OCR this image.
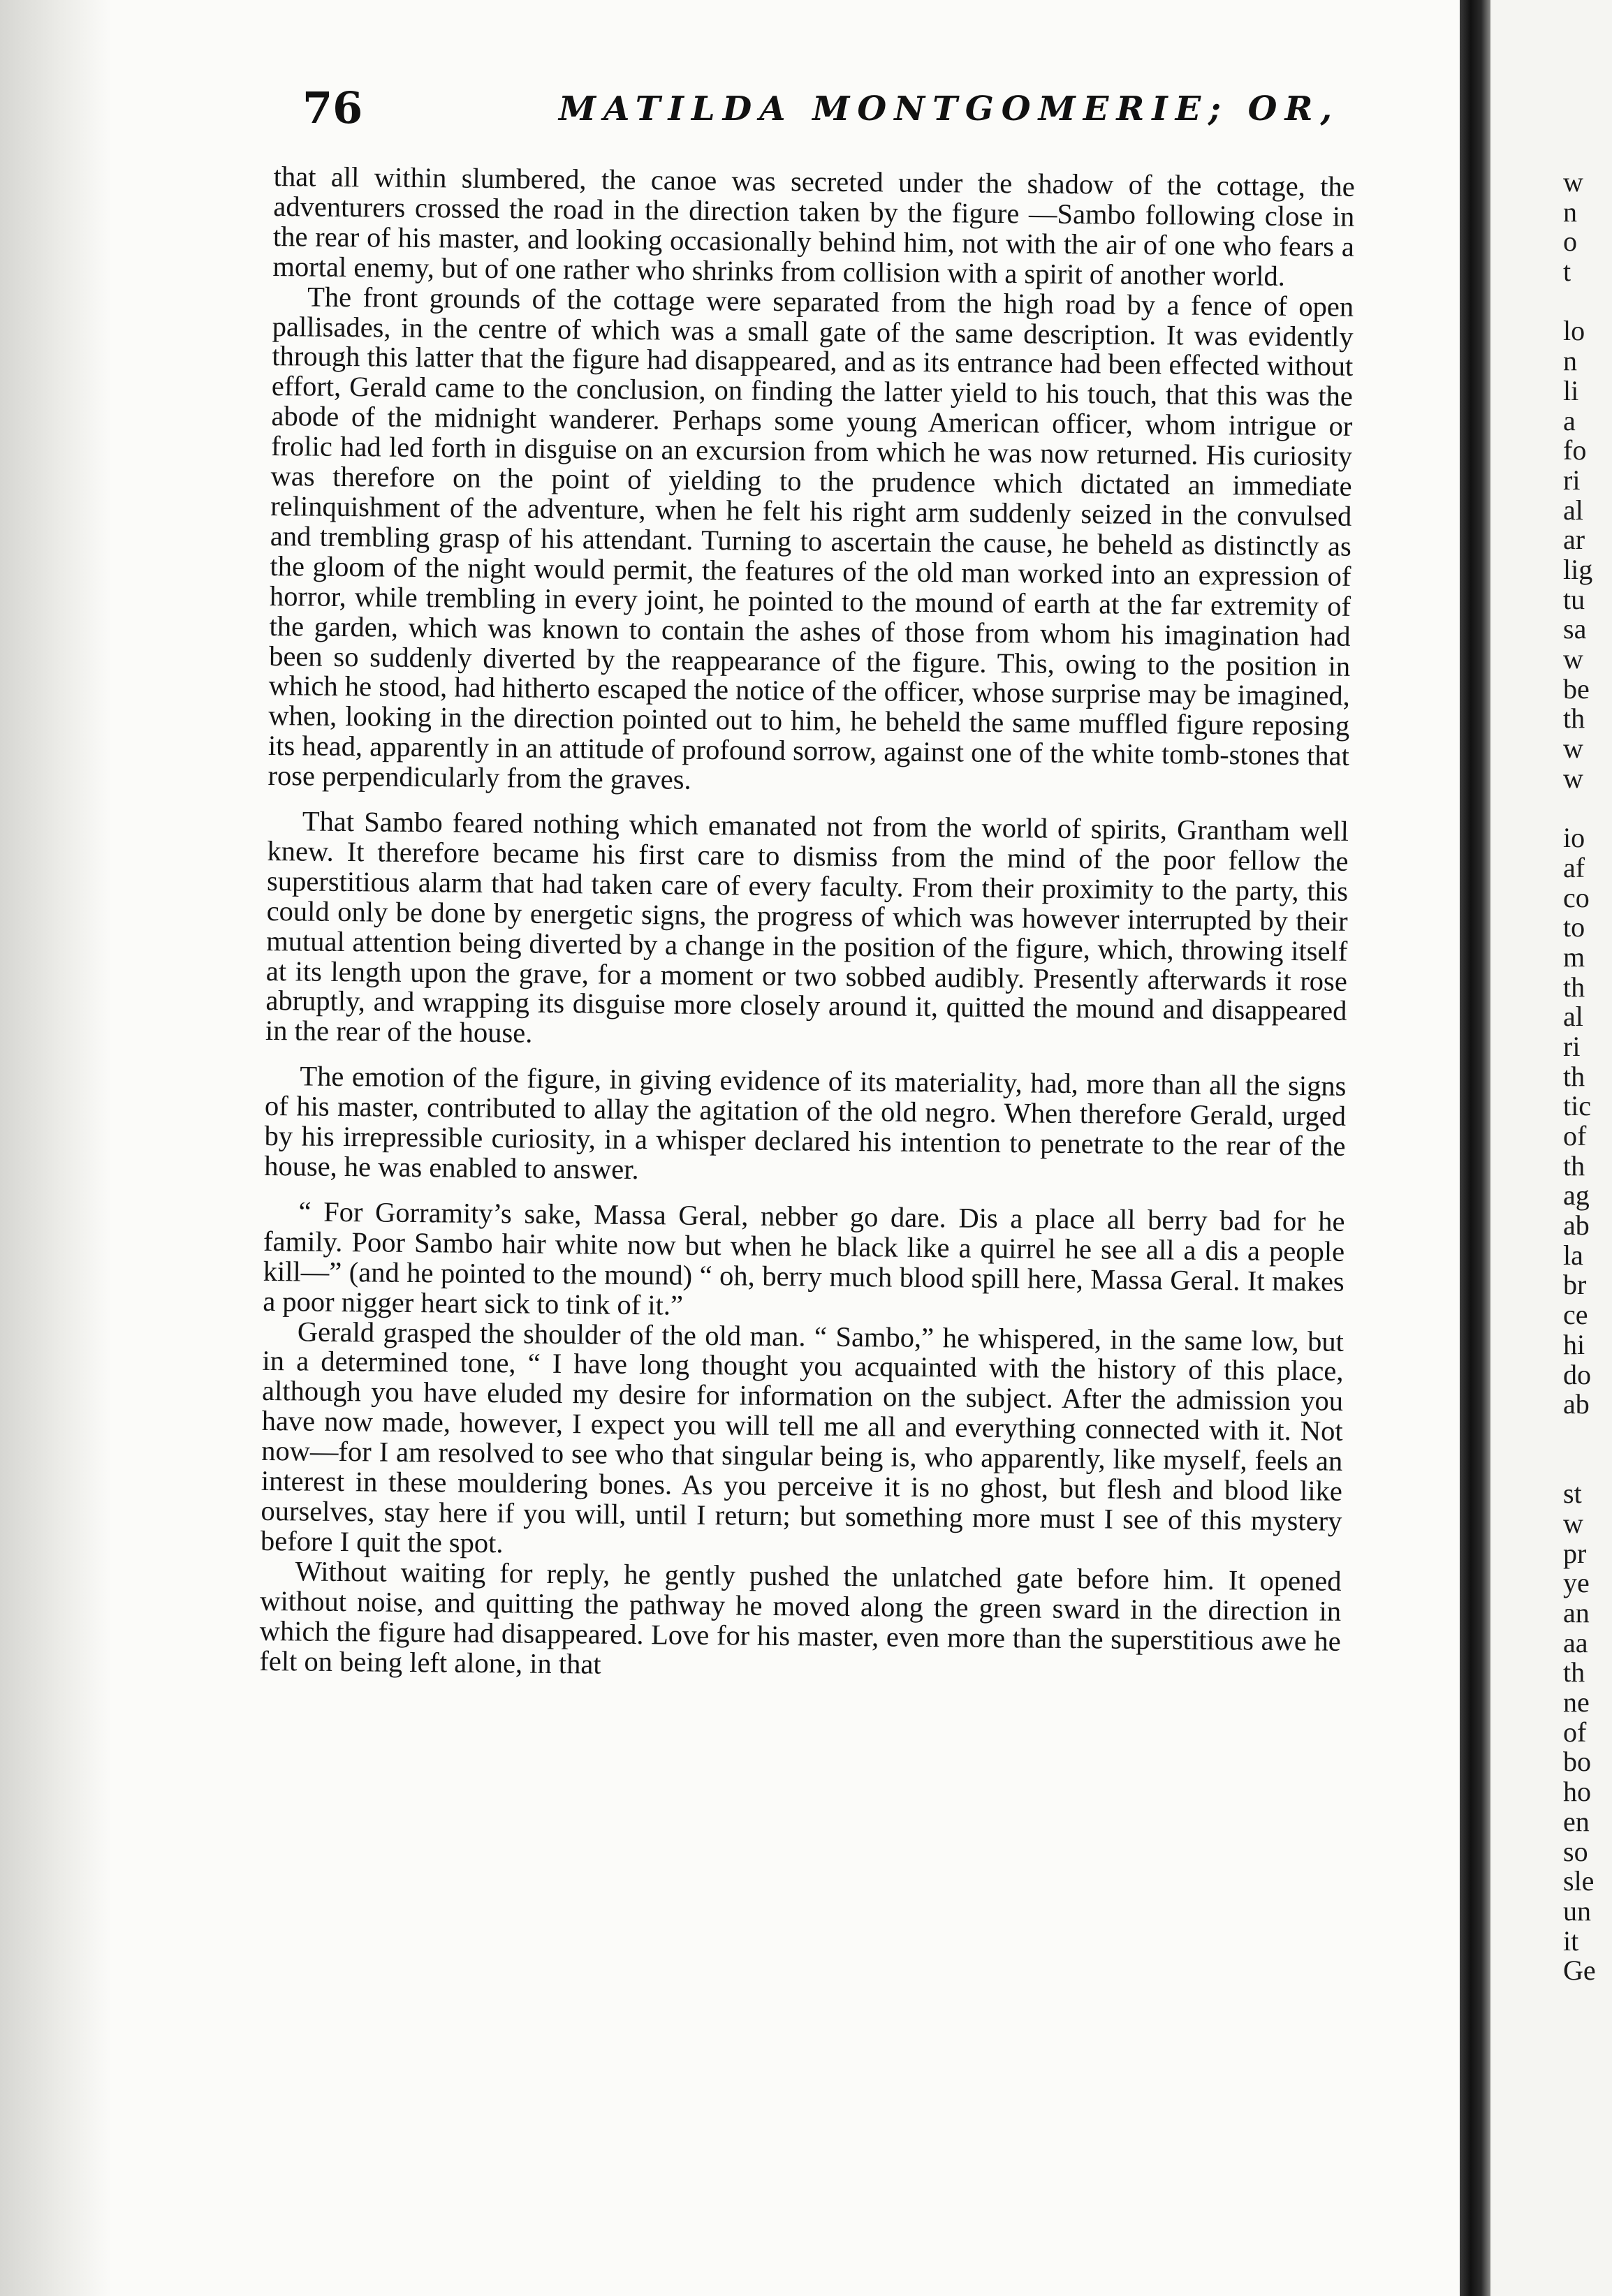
76	MATILDA MONTGOMERIE; OR,

that all within slumbered, the canoe was secreted under the shadow of the cottage, the adventurers crossed the road in the direction taken by the figure —Sambo following close in the rear of his master, and looking occasionally behind him, not with the air of one who fears a mortal enemy, but of one rather who shrinks from collision with a spirit of another world.

The front grounds of the cottage were separated from the high road by a fence of open pallisades, in the centre of which was a small gate of the same description. It was evidently through this latter that the figure had disappeared, and as its entrance had been effected without effort, Gerald came to the conclusion, on finding the latter yield to his touch, that this was the abode of the midnight wanderer. Perhaps some young American officer, whom intrigue or frolic had led forth in disguise on an excursion from which he was now returned. His curiosity was therefore on the point of yielding to the prudence which dictated an immediate relinquishment of the adventure, when he felt his right arm suddenly seized in the convulsed and trembling grasp of his attendant. Turning to ascertain the cause, he beheld as distinctly as the gloom of the night would permit, the features of the old man worked into an expression of horror, while trembling in every joint, he pointed to the mound of earth at the far extremity of the garden, which was known to contain the ashes of those from whom his imagination had been so suddenly diverted by the reappearance of the figure. This, owing to the position in which he stood, had hitherto escaped the notice of the officer, whose surprise may be imagined, when, looking in the direction pointed out to him, he beheld the same muffled figure reposing its head, apparently in an attitude of profound sorrow, against one of the white tomb-stones that rose perpendicularly from the graves.

That Sambo feared nothing which emanated not from the world of spirits, Grantham well knew. It therefore became his first care to dismiss from the mind of the poor fellow the superstitious alarm that had taken care of every faculty. From their proximity to the party, this could only be done by energetic signs, the progress of which was however interrupted by their mutual attention being diverted by a change in the position of the figure, which, throwing itself at its length upon the grave, for a moment or two sobbed audibly. Presently afterwards it rose abruptly, and wrapping its disguise more closely around it, quitted the mound and disappeared in the rear of the house.

The emotion of the figure, in giving evidence of its materiality, had, more than all the signs of his master, contributed to allay the agitation of the old negro. When therefore Gerald, urged by his irrepressible curiosity, in a whisper declared his intention to penetrate to the rear of the house, he was enabled to answer.

“ For Gorramity’s sake, Massa Geral, nebber go dare. Dis a place all berry bad for he family. Poor Sambo hair white now but when he black like a quirrel he see all a dis a people kill—” (and he pointed to the mound) “ oh, berry much blood spill here, Massa Geral. It makes a poor nigger heart sick to tink of it.”

Gerald grasped the shoulder of the old man. “ Sambo,” he whispered, in the same low, but in a determined tone, “ I have long thought you acquainted with the history of this place, although you have eluded my desire for information on the subject. After the admission you have now made, however, I expect you will tell me all and everything connected with it. Not now—for I am resolved to see who that singular being is, who apparently, like myself, feels an interest in these mouldering bones. As you perceive it is no ghost, but flesh and blood like ourselves, stay here if you will, until I return; but something more must I see of this mystery before I quit the spot.

Without waiting for reply, he gently pushed the unlatched gate before him. It opened without noise, and quitting the pathway he moved along the green sward in the direction in which the figure had disappeared. Love for his master, even more than the superstitious awe he felt on being left alone, in that

w
n
o
t
lo
n
li
a
fo
ri
al
ar
lig
tu
sa
w
be
th
w
w
io
af
co
to
m
th
al
ri
th
tic
of
th
ag
ab
la
br
ce
hi
do
ab
st
w
pr
ye
an
aa
th
ne
of
bo
ho
en
so
sle
un
it
Ge
